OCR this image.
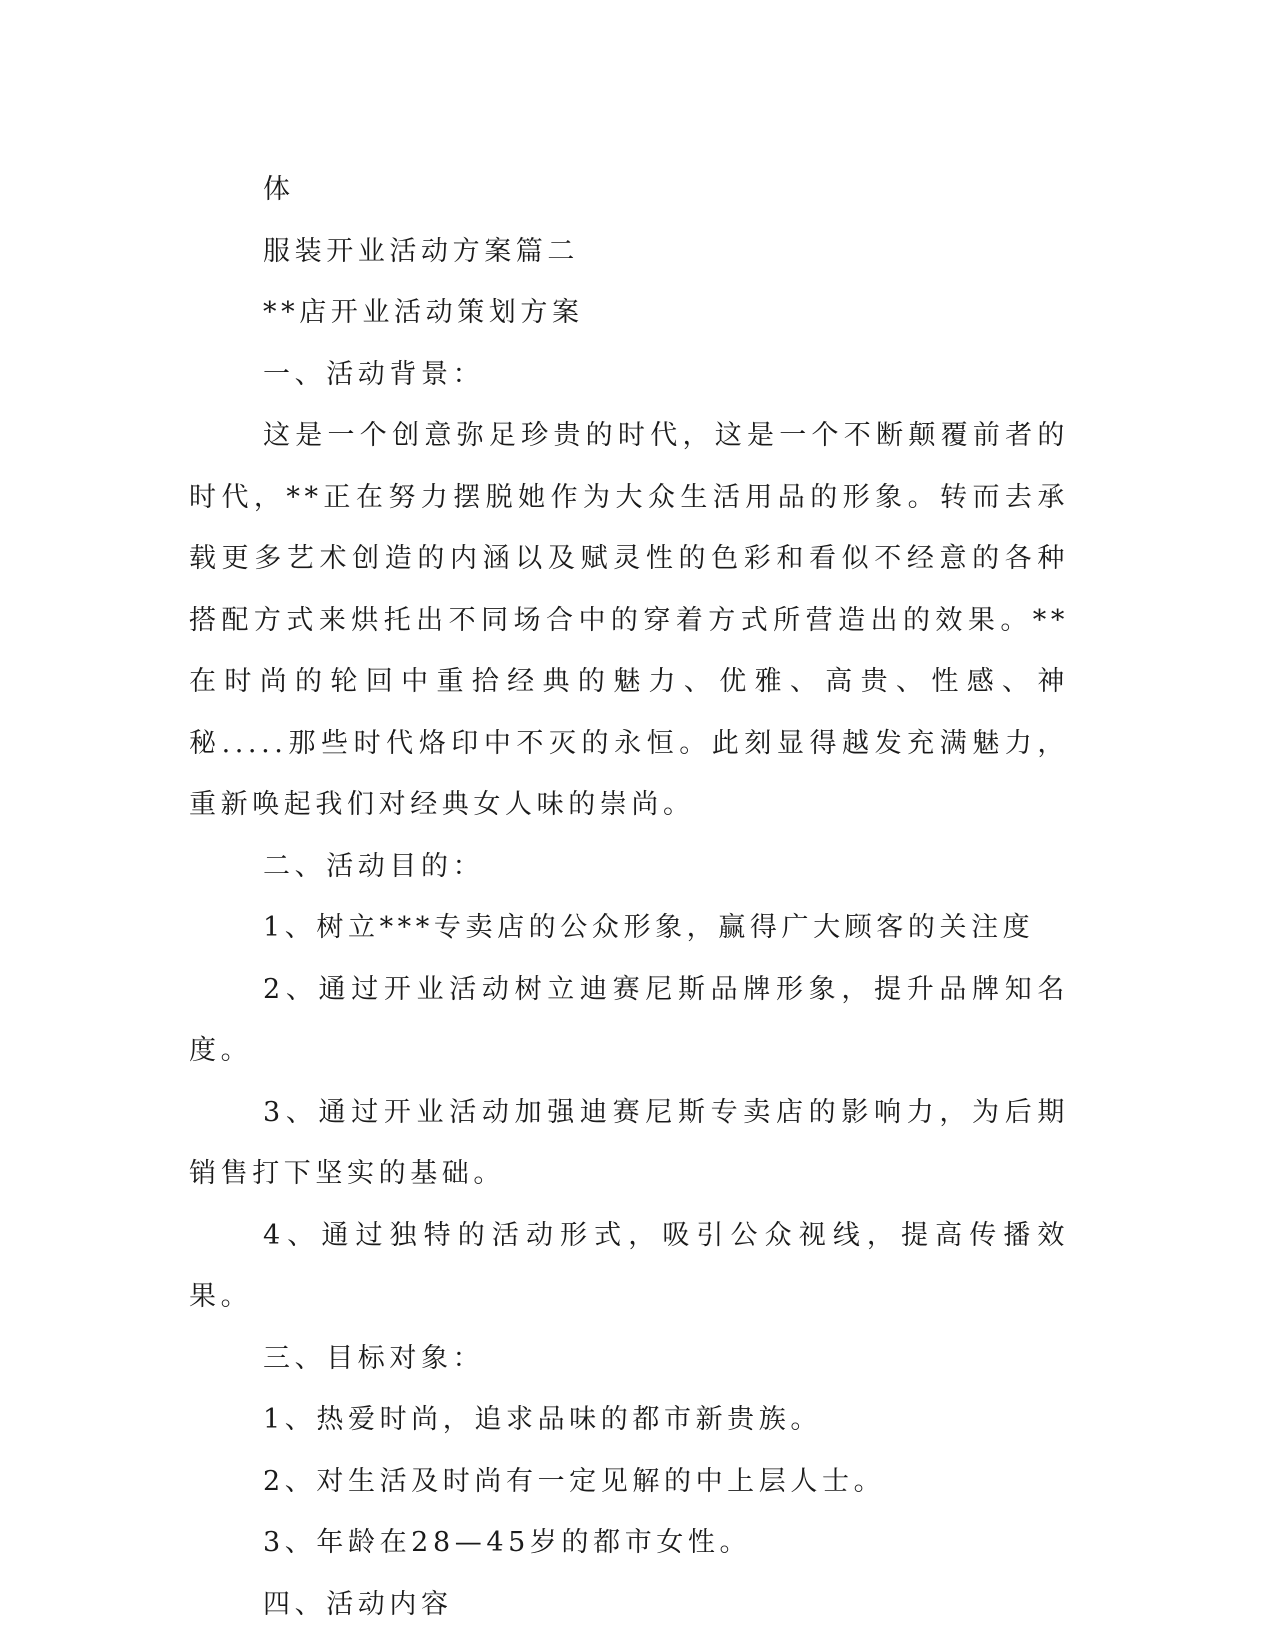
体

服装开业活动方案篇二

**店开业活动策划方案

一、活动背景：

这是一个创意弥足珍贵的时代，这是一个不断颠覆前者的时代，**正在努力摆脱她作为大众生活用品的形象。转而去承载更多艺术创造的内涵以及赋灵性的色彩和看似不经意的各种搭配方式来烘托出不同场合中的穿着方式所营造出的效果。**在时尚的轮回中重拾经典的魅力、优雅、高贵、性感、神秘.....那些时代烙印中不灭的永恒。此刻显得越发充满魅力，重新唤起我们对经典女人味的崇尚。

二、活动目的：

1、树立***专卖店的公众形象，赢得广大顾客的关注度

2、通过开业活动树立迪赛尼斯品牌形象，提升品牌知名度。

3、通过开业活动加强迪赛尼斯专卖店的影响力，为后期销售打下坚实的基础。

4、通过独特的活动形式，吸引公众视线，提高传播效果。

三、目标对象：

1、热爱时尚，追求品味的都市新贵族。

2、对生活及时尚有一定见解的中上层人士。

3、年龄在28—45岁的都市女性。

四、活动内容
